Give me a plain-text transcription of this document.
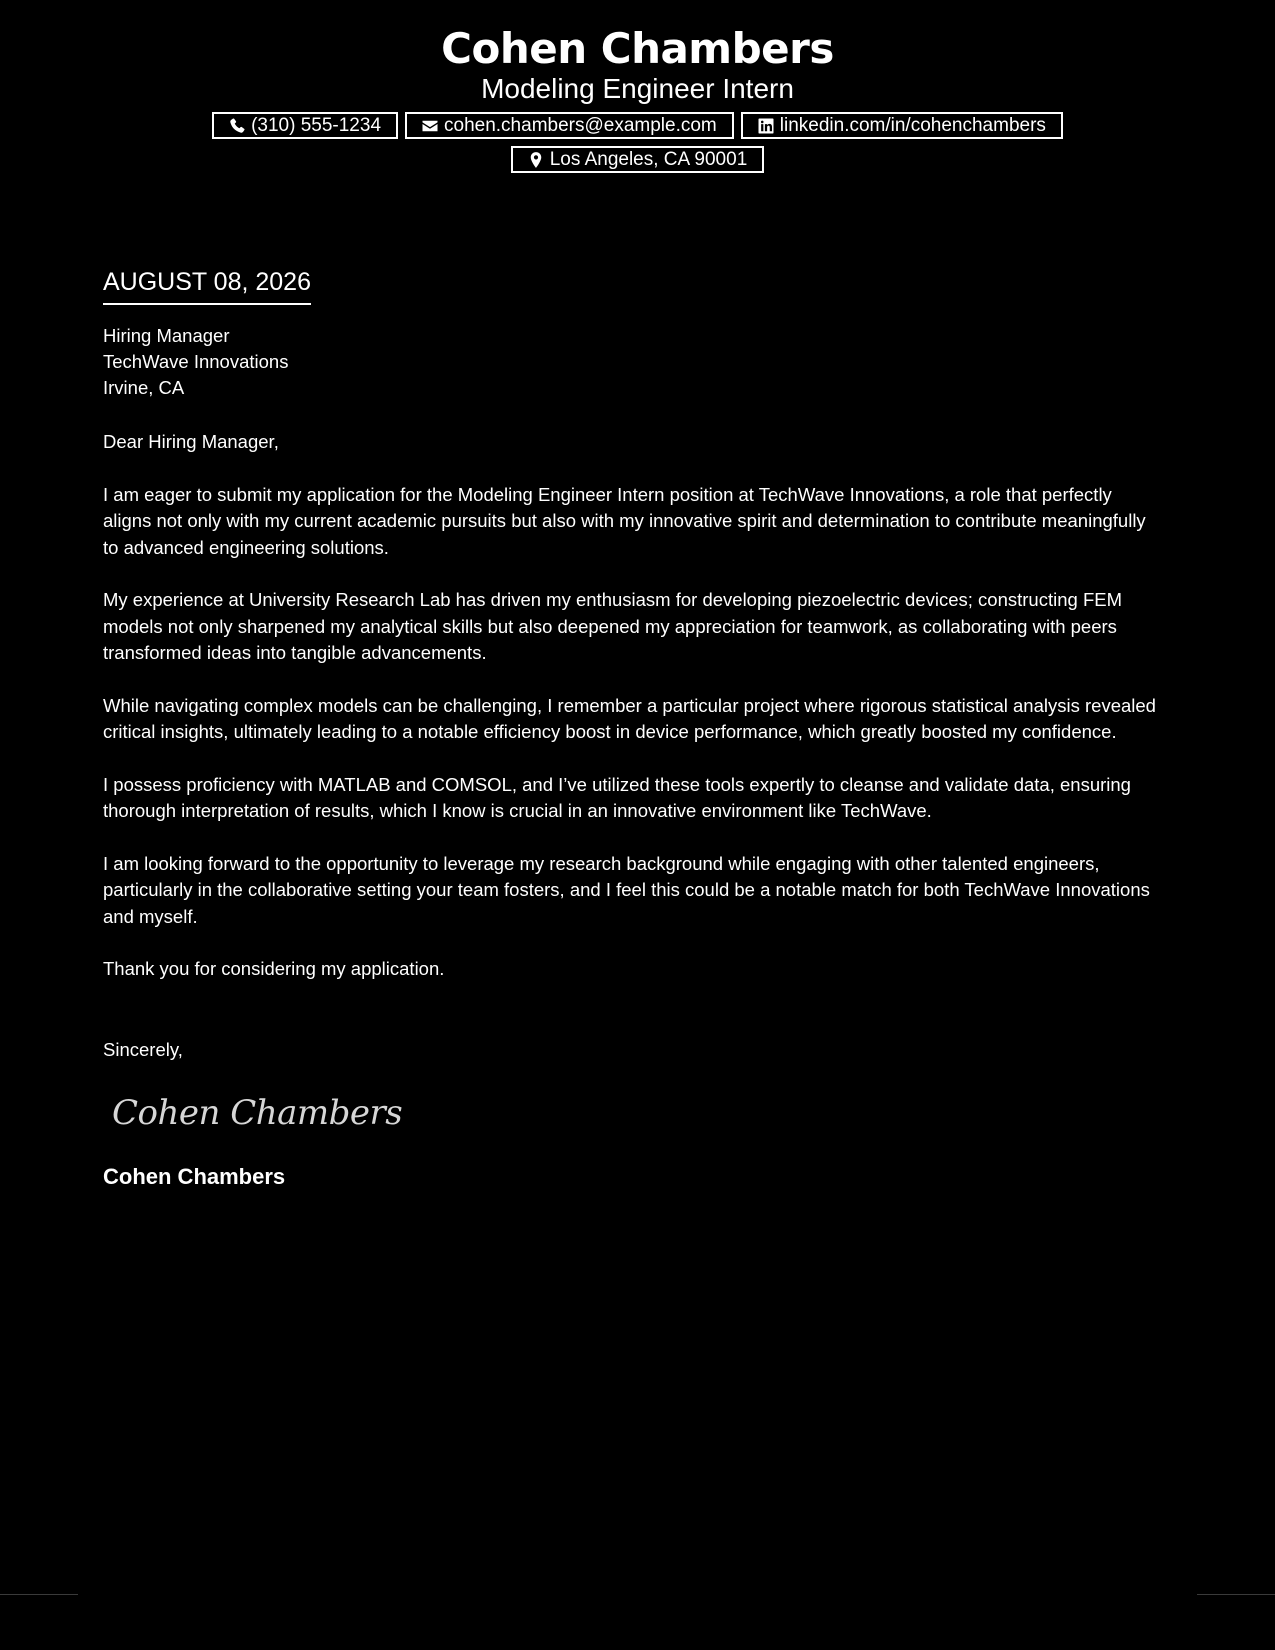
Cohen Chambers
Modeling Engineer Intern
(310) 555-1234	cohen.chambers@example.com	linkedin.com/in/cohenchambers
Los Angeles, CA 90001
AUGUST 08, 2026
Hiring Manager
TechWave Innovations
Irvine, CA
Dear Hiring Manager,

I am eager to submit my application for the Modeling Engineer Intern position at TechWave Innovations, a role that perfectly aligns not only with my current academic pursuits but also with my innovative spirit and determination to contribute meaningfully to advanced engineering solutions.

My experience at University Research Lab has driven my enthusiasm for developing piezoelectric devices; constructing FEM models not only sharpened my analytical skills but also deepened my appreciation for teamwork, as collaborating with peers transformed ideas into tangible advancements.

While navigating complex models can be challenging, I remember a particular project where rigorous statistical analysis revealed critical insights, ultimately leading to a notable efficiency boost in device performance, which greatly boosted my confidence.

I possess proficiency with MATLAB and COMSOL, and I’ve utilized these tools expertly to cleanse and validate data, ensuring thorough interpretation of results, which I know is crucial in an innovative environment like TechWave.

I am looking forward to the opportunity to leverage my research background while engaging with other talented engineers, particularly in the collaborative setting your team fosters, and I feel this could be a notable match for both TechWave Innovations and myself.

Thank you for considering my application.

Sincerely,
Cohen Chambers
Cohen Chambers
